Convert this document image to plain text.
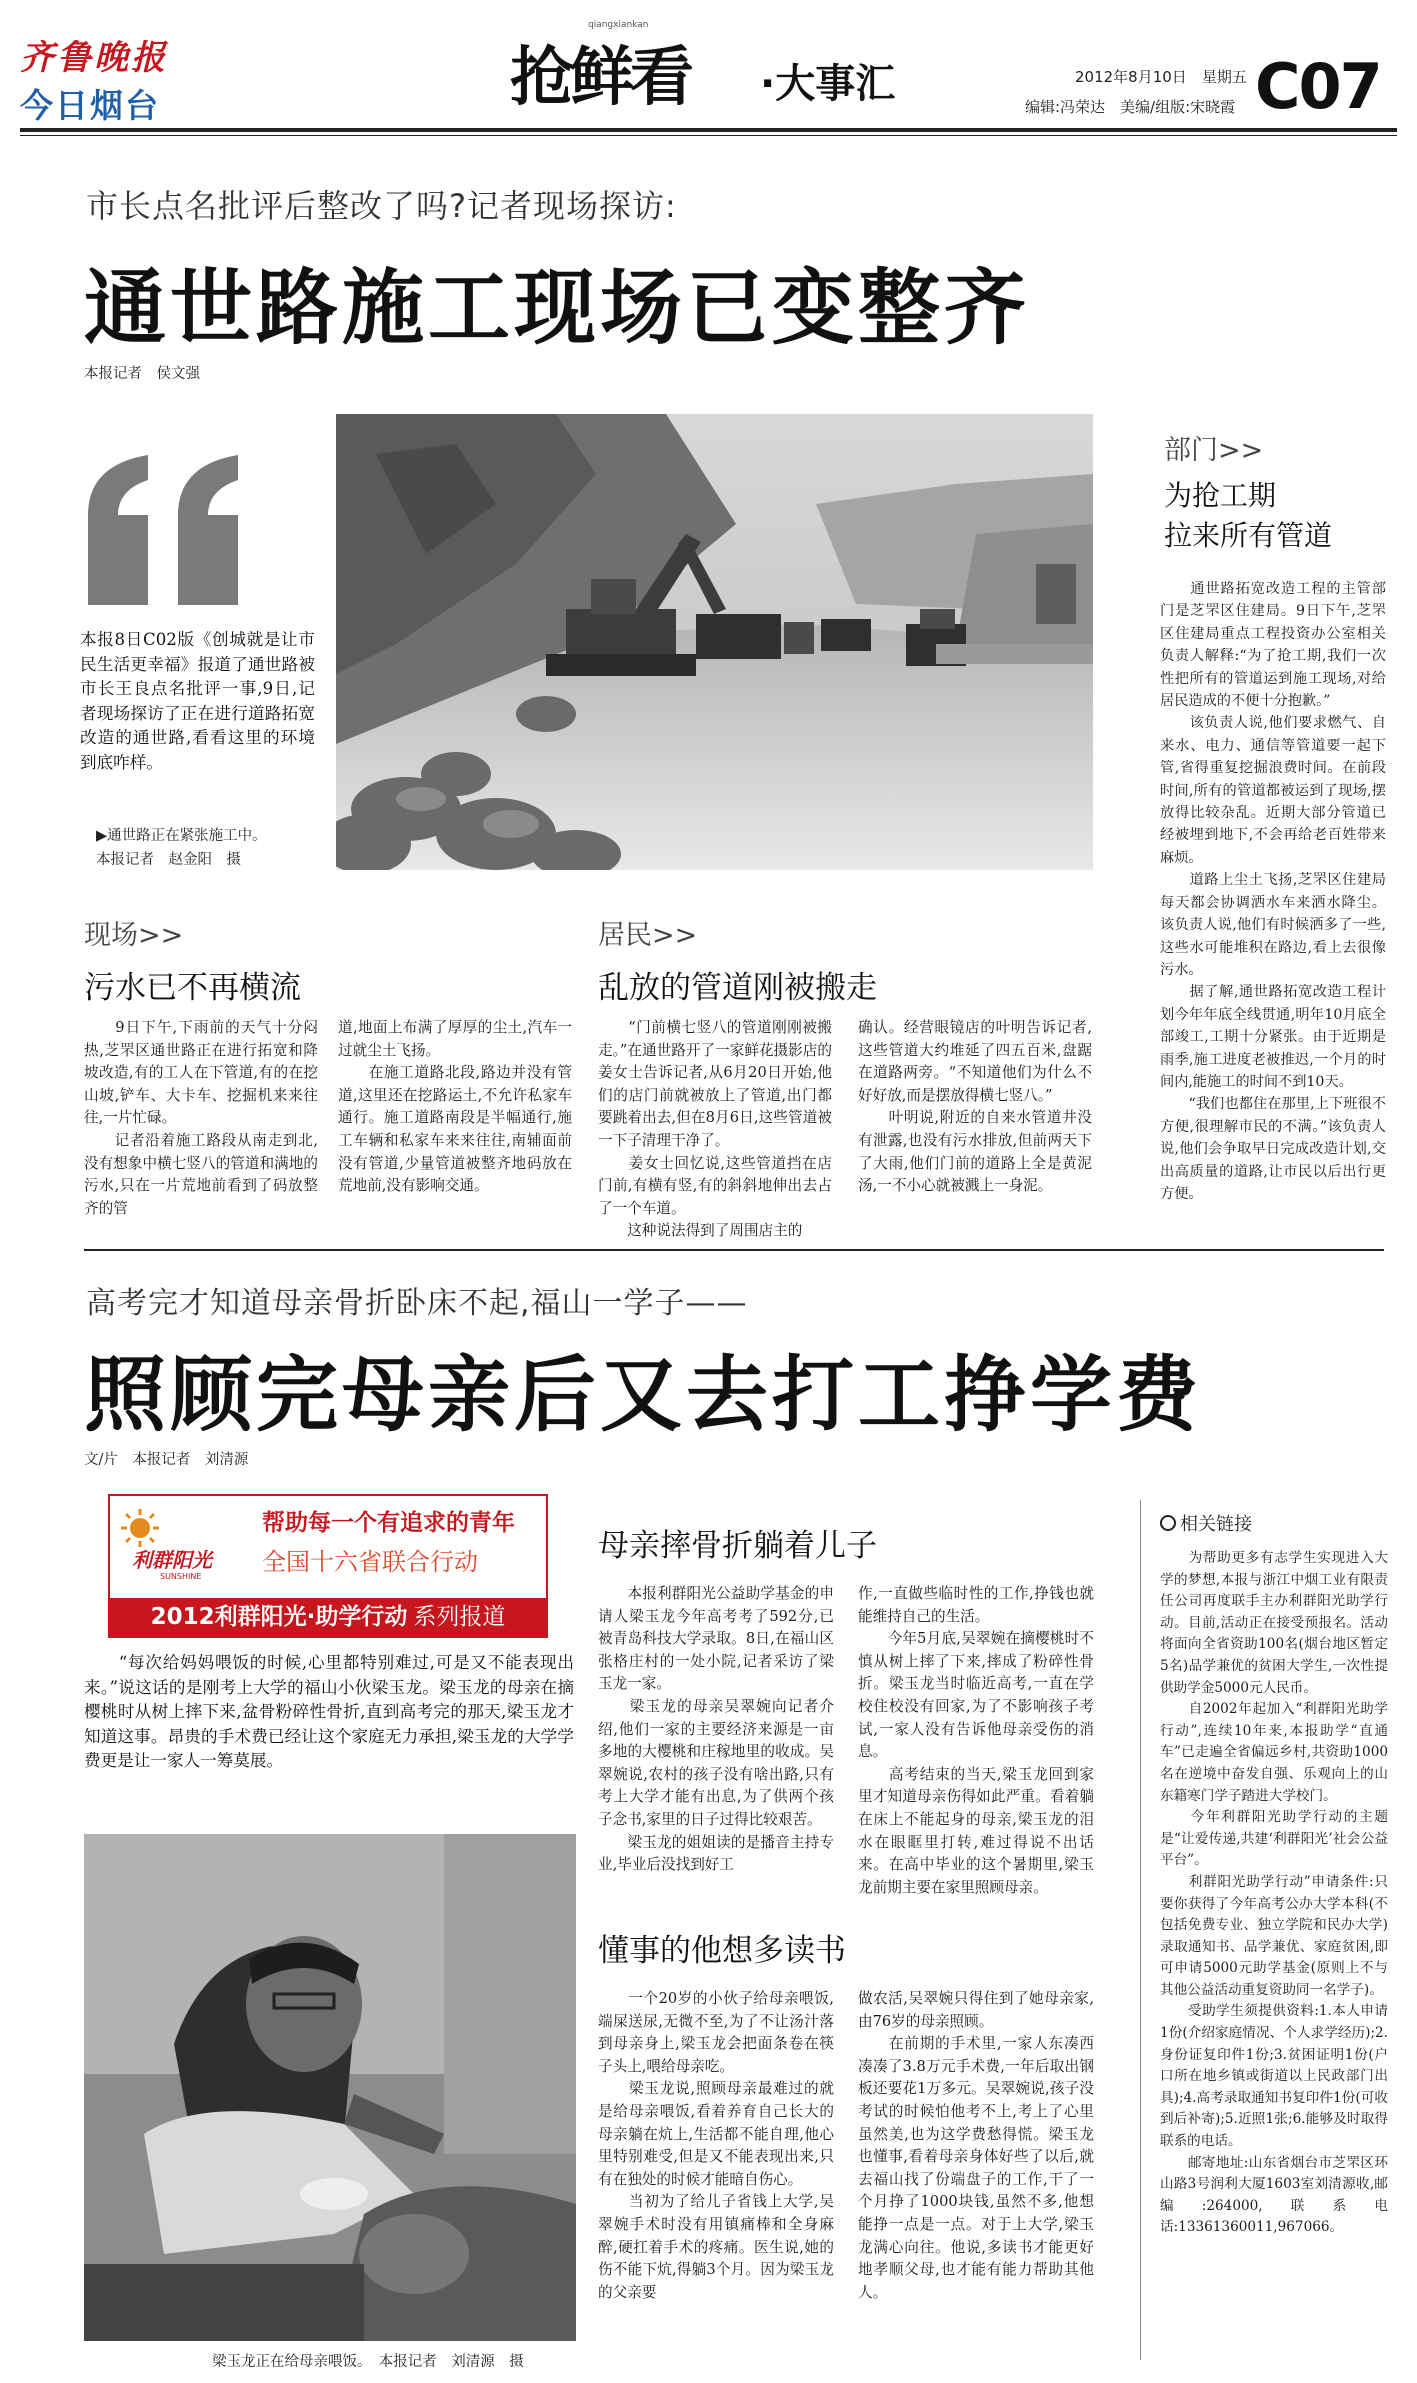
齐鲁晚报
今日烟台	抢鲜看
qiangxiankan
·大事汇	2012年8月10日　 星期五
编辑:冯荣达　美编/组版:宋晓霞 C07
市长点名批评后整改了吗?记者现场探访:
通世路施工现场已变整齐
本报记者　侯文强

本报8日C02版《创城就是让市民生活更幸福》报道了通世路被市长王良点名批评一事,9日,记者现场探访了正在进行道路拓宽改造的通世路,看看这里的环境到底咋样。

▶通世路正在紧张施工中。
本报记者　赵金阳　摄
部门>>
为抢工期
拉来所有管道

　　通世路拓宽改造工程的主管部门是芝罘区住建局。9日下午,芝罘区住建局重点工程投资办公室相关负责人解释:“为了抢工期,我们一次性把所有的管道运到施工现场,对给居民造成的不便十分抱歉。”
　　该负责人说,他们要求燃气、自来水、电力、通信等管道要一起下管,省得重复挖掘浪费时间。在前段时间,所有的管道都被运到了现场,摆放得比较杂乱。近期大部分管道已经被埋到地下,不会再给老百姓带来麻烦。
　　道路上尘土飞扬,芝罘区住建局每天都会协调洒水车来洒水降尘。该负责人说,他们有时候洒多了一些,这些水可能堆积在路边,看上去很像污水。
　　据了解,通世路拓宽改造工程计划今年年底全线贯通,明年10月底全部竣工,工期十分紧张。由于近期是雨季,施工进度老被推迟,一个月的时间内,能施工的时间不到10天。
　　“我们也都住在那里,上下班很不方便,很理解市民的不满。”该负责人说,他们会争取早日完成改造计划,交出高质量的道路,让市民以后出行更方便。

现场>>
污水已不再横流

　　9日下午,下雨前的天气十分闷热,芝罘区通世路正在进行拓宽和降坡改造,有的工人在下管道,有的在挖山坡,铲车、大卡车、挖掘机来来往往,一片忙碌。
　　记者沿着施工路段从南走到北,没有想象中横七竖八的管道和满地的污水,只在一片荒地前看到了码放整齐的管

道,地面上布满了厚厚的尘土,汽车一过就尘土飞扬。
　　在施工道路北段,路边并没有管道,这里还在挖路运土,不允许私家车通行。施工道路南段是半幅通行,施工车辆和私家车来来往往,南辅面前没有管道,少量管道被整齐地码放在荒地前,没有影响交通。

居民>>
乱放的管道刚被搬走

　　“门前横七竖八的管道刚刚被搬走。”在通世路开了一家鲜花摄影店的姜女士告诉记者,从6月20日开始,他们的店门前就被放上了管道,出门都要跳着出去,但在8月6日,这些管道被一下子清理干净了。
　　姜女士回忆说,这些管道挡在店门前,有横有竖,有的斜斜地伸出去占了一个车道。
　　这种说法得到了周围店主的

确认。经营眼镜店的叶明告诉记者,这些管道大约堆延了四五百米,盘踞在道路两旁。“不知道他们为什么不好好放,而是摆放得横七竖八。”
　　叶明说,附近的自来水管道井没有泄露,也没有污水排放,但前两天下了大雨,他们门前的道路上全是黄泥汤,一不小心就被溅上一身泥。

高考完才知道母亲骨折卧床不起,福山一学子——
照顾完母亲后又去打工挣学费
文/片　本报记者　刘清源
利群阳光
SUNSHINE
帮助每一个有追求的青年
全国十六省联合行动
2012利群阳光·助学行动 系列报道

　　“每次给妈妈喂饭的时候,心里都特别难过,可是又不能表现出来。”说这话的是刚考上大学的福山小伙梁玉龙。梁玉龙的母亲在摘樱桃时从树上摔下来,盆骨粉碎性骨折,直到高考完的那天,梁玉龙才知道这事。昂贵的手术费已经让这个家庭无力承担,梁玉龙的大学学费更是让一家人一筹莫展。

梁玉龙正在给母亲喂饭。　本报记者　刘清源　摄
母亲摔骨折躺着儿子

　　本报利群阳光公益助学基金的申请人梁玉龙今年高考考了592分,已被青岛科技大学录取。8日,在福山区张格庄村的一处小院,记者采访了梁玉龙一家。
　　梁玉龙的母亲吴翠婉向记者介绍,他们一家的主要经济来源是一亩多地的大樱桃和庄稼地里的收成。吴翠婉说,农村的孩子没有啥出路,只有考上大学才能有出息,为了供两个孩子念书,家里的日子过得比较艰苦。
　　梁玉龙的姐姐读的是播音主持专业,毕业后没找到好工

作,一直做些临时性的工作,挣钱也就能维持自己的生活。
　　今年5月底,吴翠婉在摘樱桃时不慎从树上摔了下来,摔成了粉碎性骨折。梁玉龙当时临近高考,一直在学校住校没有回家,为了不影响孩子考试,一家人没有告诉他母亲受伤的消息。
　　高考结束的当天,梁玉龙回到家里才知道母亲伤得如此严重。看着躺在床上不能起身的母亲,梁玉龙的泪水在眼眶里打转,难过得说不出话来。在高中毕业的这个暑期里,梁玉龙前期主要在家里照顾母亲。

懂事的他想多读书

　　一个20岁的小伙子给母亲喂饭,端屎送尿,无微不至,为了不让汤汁落到母亲身上,梁玉龙会把面条卷在筷子头上,喂给母亲吃。
　　梁玉龙说,照顾母亲最难过的就是给母亲喂饭,看着养育自己长大的母亲躺在炕上,生活都不能自理,他心里特别难受,但是又不能表现出来,只有在独处的时候才能暗自伤心。
　　当初为了给儿子省钱上大学,吴翠婉手术时没有用镇痛棒和全身麻醉,硬扛着手术的疼痛。医生说,她的伤不能下炕,得躺3个月。因为梁玉龙的父亲要

做农活,吴翠婉只得住到了她母亲家,由76岁的母亲照顾。
　　在前期的手术里,一家人东凑西凑凑了3.8万元手术费,一年后取出钢板还要花1万多元。吴翠婉说,孩子没考试的时候怕他考不上,考上了心里虽然美,也为这学费愁得慌。梁玉龙也懂事,看着母亲身体好些了以后,就去福山找了份端盘子的工作,干了一个月挣了1000块钱,虽然不多,他想能挣一点是一点。对于上大学,梁玉龙满心向往。他说,多读书才能更好地孝顺父母,也才能有能力帮助其他人。

相关链接

　　为帮助更多有志学生实现进入大学的梦想,本报与浙江中烟工业有限责任公司再度联手主办利群阳光助学行动。目前,活动正在接受预报名。活动将面向全省资助100名(烟台地区暂定5名)品学兼优的贫困大学生,一次性提供助学金5000元人民币。
　　自2002年起加入“利群阳光助学行动”,连续10年来,本报助学“直通车”已走遍全省偏远乡村,共资助1000名在逆境中奋发自强、乐观向上的山东籍寒门学子踏进大学校门。
　　今年利群阳光助学行动的主题是“让爱传递,共建‘利群阳光’社会公益平台”。
　　利群阳光助学行动”申请条件:只要你获得了今年高考公办大学本科(不包括免费专业、独立学院和民办大学)录取通知书、品学兼优、家庭贫困,即可申请5000元助学基金(原则上不与其他公益活动重复资助同一名学子)。
　　受助学生须提供资料:1.本人申请1份(介绍家庭情况、个人求学经历);2.身份证复印件1份;3.贫困证明1份(户口所在地乡镇或街道以上民政部门出具);4.高考录取通知书复印件1份(可收到后补寄);5.近照1张;6.能够及时取得联系的电话。
　　邮寄地址:山东省烟台市芝罘区环山路3号润利大厦1603室刘清源收,邮编:264000,联系电话:13361360011,967066。
